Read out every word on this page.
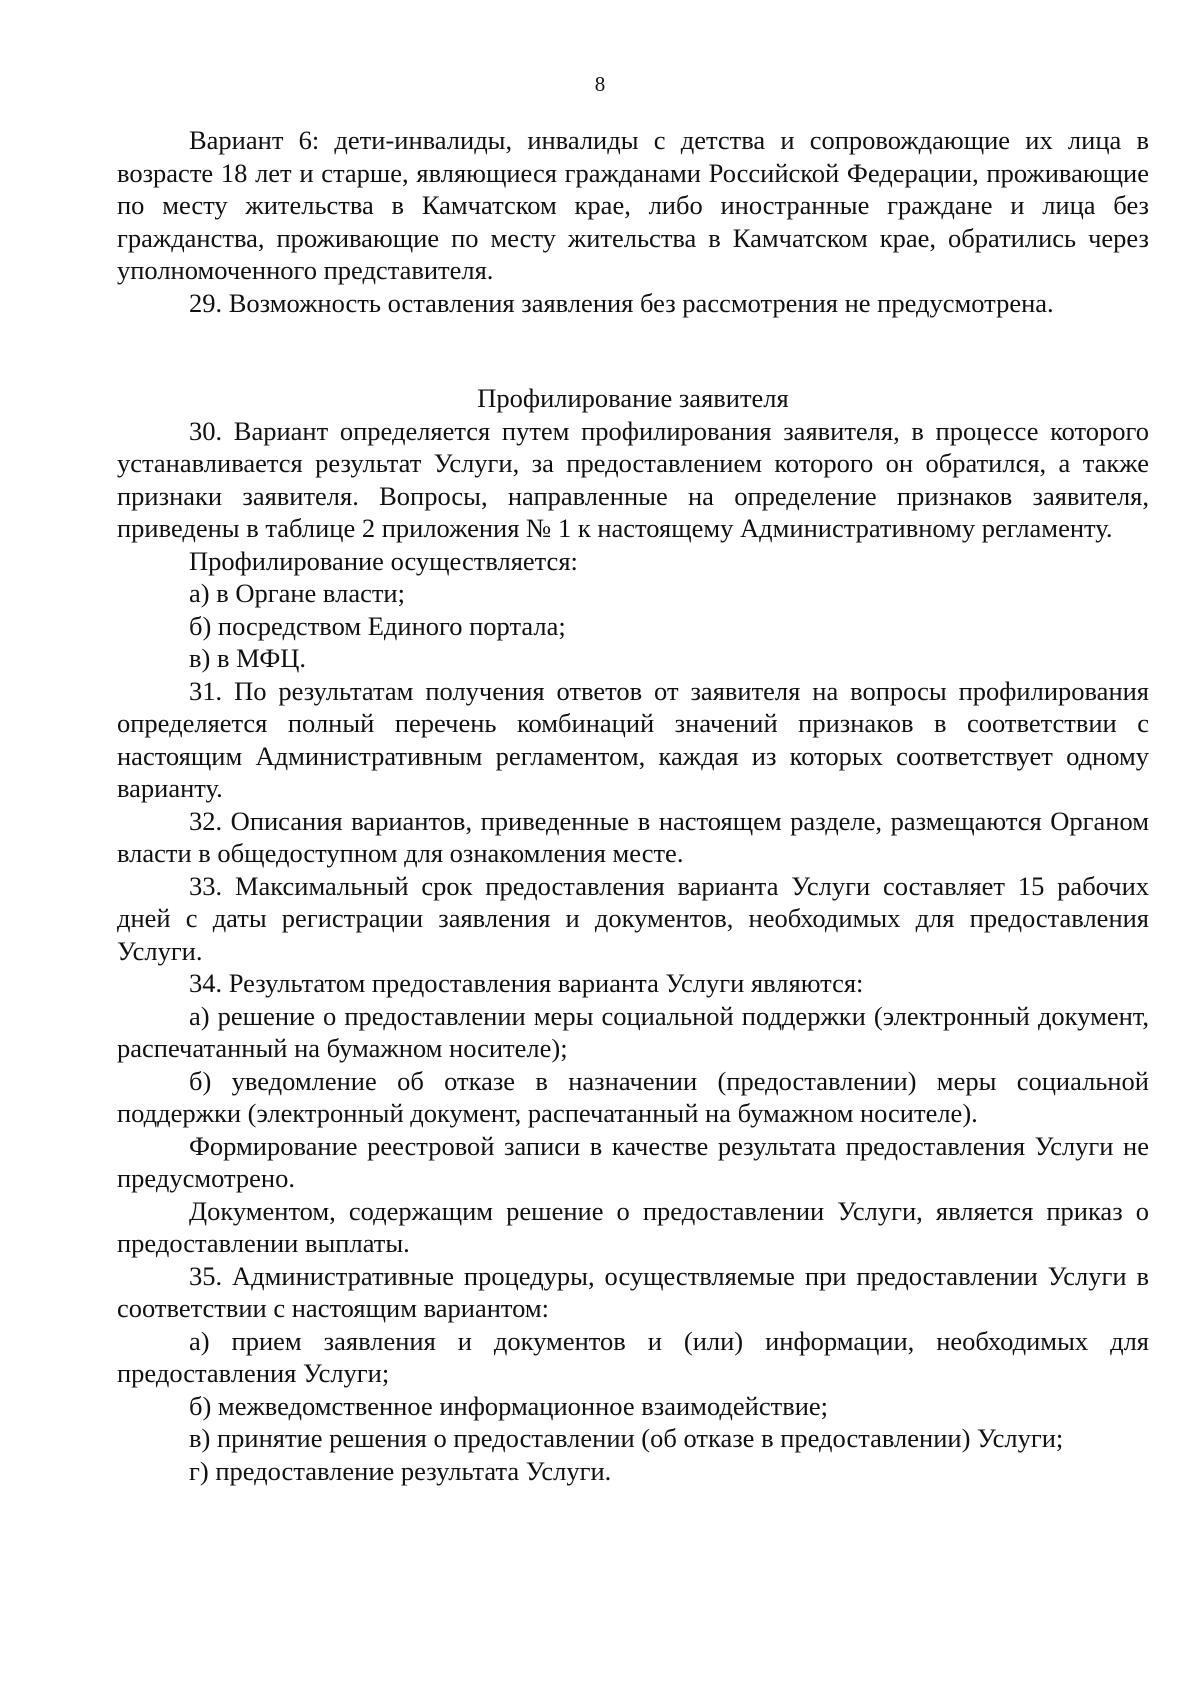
8

Вариант 6: дети-инвалиды, инвалиды с детства и сопровождающие их лица в возрасте 18 лет и старше, являющиеся гражданами Российской Федерации, проживающие по месту жительства в Камчатском крае, либо иностранные граждане и лица без гражданства, проживающие по месту жительства в Камчатском крае, обратились через уполномоченного представителя.

29. Возможность оставления заявления без рассмотрения не предусмотрена.

Профилирование заявителя

30. Вариант определяется путем профилирования заявителя, в процессе которого устанавливается результат Услуги, за предоставлением которого он обратился, а также признаки заявителя. Вопросы, направленные на определение признаков заявителя, приведены в таблице 2 приложения № 1 к настоящему Административному регламенту.

Профилирование осуществляется:

а) в Органе власти;

б) посредством Единого портала;

в) в МФЦ.

31. По результатам получения ответов от заявителя на вопросы профилирования определяется полный перечень комбинаций значений признаков в соответствии с настоящим Административным регламентом, каждая из которых соответствует одному варианту.

32. Описания вариантов, приведенные в настоящем разделе, размещаются Органом власти в общедоступном для ознакомления месте.

33. Максимальный срок предоставления варианта Услуги составляет 15 рабочих дней с даты регистрации заявления и документов, необходимых для предоставления Услуги.

34. Результатом предоставления варианта Услуги являются:

а) решение о предоставлении меры социальной поддержки (электронный документ, распечатанный на бумажном носителе);

б) уведомление об отказе в назначении (предоставлении) меры социальной поддержки (электронный документ, распечатанный на бумажном носителе).

Формирование реестровой записи в качестве результата предоставления Услуги не предусмотрено.

Документом, содержащим решение о предоставлении Услуги, является приказ о предоставлении выплаты.

35. Административные процедуры, осуществляемые при предоставлении Услуги в соответствии с настоящим вариантом:

а) прием заявления и документов и (или) информации, необходимых для предоставления Услуги;

б) межведомственное информационное взаимодействие;

в) принятие решения о предоставлении (об отказе в предоставлении) Услуги;

г) предоставление результата Услуги.
